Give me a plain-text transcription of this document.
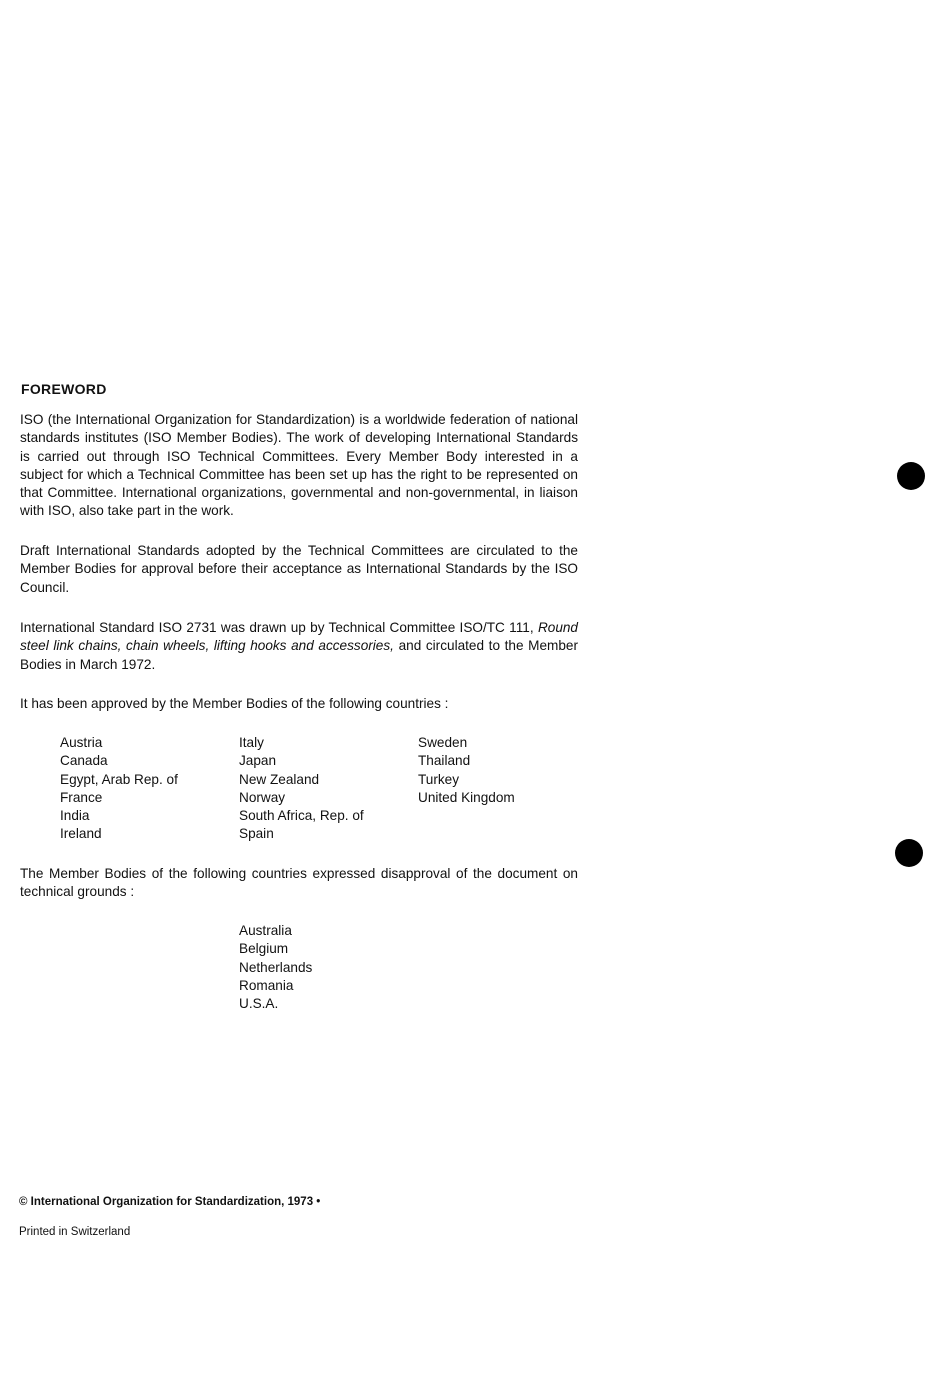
FOREWORD

ISO (the International Organization for Standardization) is a worldwide federation of national standards institutes (ISO Member Bodies). The work of developing International Standards is carried out through ISO Technical Committees. Every Member Body interested in a subject for which a Technical Committee has been set up has the right to be represented on that Committee. International organizations, governmental and non-governmental, in liaison with ISO, also take part in the work.

Draft International Standards adopted by the Technical Committees are circulated to the Member Bodies for approval before their acceptance as International Standards by the ISO Council.

International Standard ISO 2731 was drawn up by Technical Committee ISO/TC 111, Round steel link chains, chain wheels, lifting hooks and accessories, and circulated to the Member Bodies in March 1972.

It has been approved by the Member Bodies of the following countries :

Austria
Canada
Egypt, Arab Rep. of
France
India
Ireland
Italy
Japan
New Zealand
Norway
South Africa, Rep. of
Spain
Sweden
Thailand
Turkey
United Kingdom

The Member Bodies of the following countries expressed disapproval of the document on technical grounds :

Australia
Belgium
Netherlands
Romania
U.S.A.
© International Organization for Standardization, 1973 •
Printed in Switzerland
